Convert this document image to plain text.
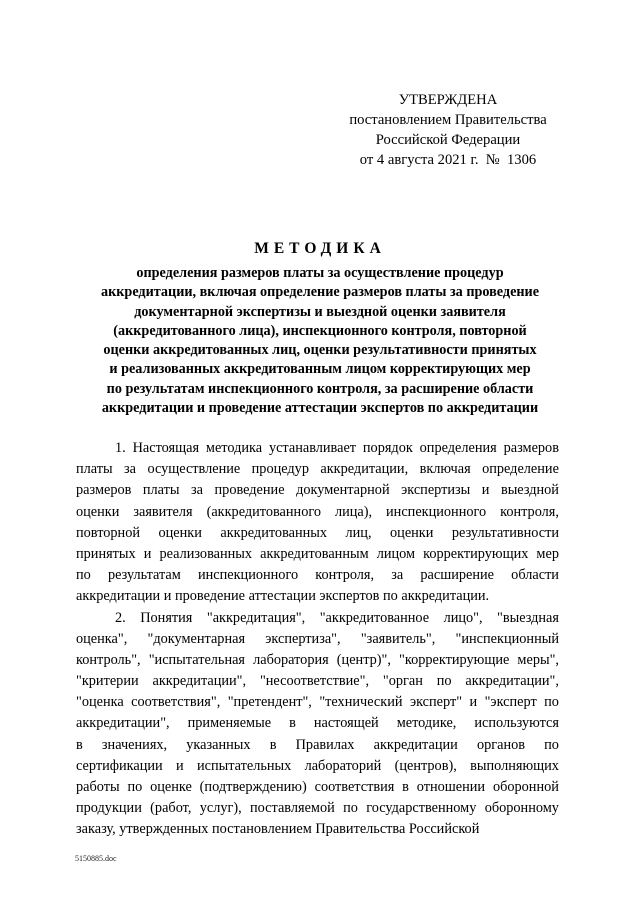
УТВЕРЖДЕНА
постановлением Правительства
Российской Федерации
от 4 августа 2021 г.  №  1306
МЕТОДИКА
определения размеров платы за осуществление процедур
аккредитации, включая определение размеров платы за проведение
документарной экспертизы и выездной оценки заявителя
(аккредитованного лица), инспекционного контроля, повторной
оценки аккредитованных лиц, оценки результативности принятых
и реализованных аккредитованным лицом корректирующих мер
по результатам инспекционного контроля, за расширение области
аккредитации и проведение аттестации экспертов по аккредитации
1. Настоящая методика устанавливает порядок определения размеров
платы за осуществление процедур аккредитации, включая определение
размеров платы за проведение документарной экспертизы и выездной
оценки заявителя (аккредитованного лица), инспекционного контроля,
повторной оценки аккредитованных лиц, оценки результативности
принятых и реализованных аккредитованным лицом корректирующих мер
по результатам инспекционного контроля, за расширение области
аккредитации и проведение аттестации экспертов по аккредитации.
2. Понятия "аккредитация", "аккредитованное лицо", "выездная
оценка", "документарная экспертиза", "заявитель", "инспекционный
контроль", "испытательная лаборатория (центр)", "корректирующие меры",
"критерии аккредитации", "несоответствие", "орган по аккредитации",
"оценка соответствия", "претендент", "технический эксперт" и "эксперт по
аккредитации", применяемые в настоящей методике, используются
в значениях, указанных в Правилах аккредитации органов по
сертификации и испытательных лабораторий (центров), выполняющих
работы по оценке (подтверждению) соответствия в отношении оборонной
продукции (работ, услуг), поставляемой по государственному оборонному
заказу, утвержденных постановлением Правительства Российской
5150885.doc
